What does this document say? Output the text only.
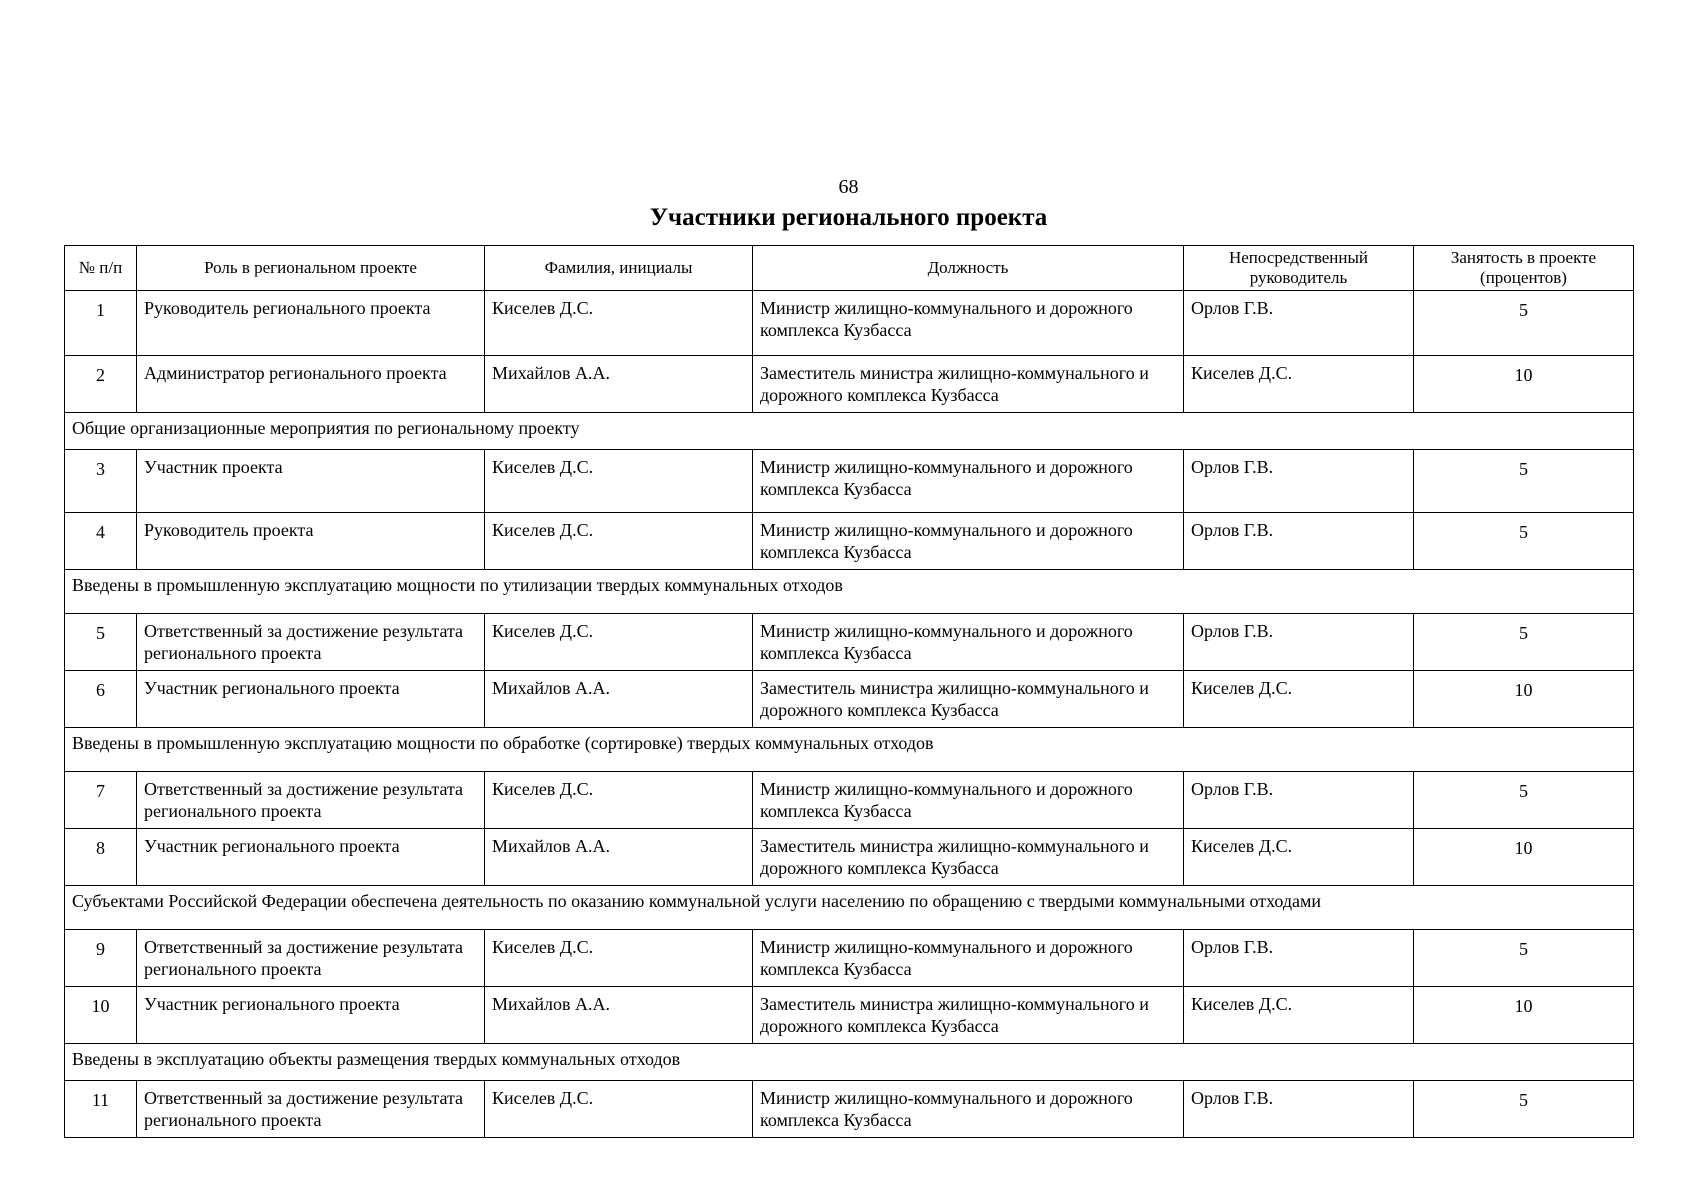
68
Участники регионального проекта
№ п/п	Роль в региональном проекте	Фамилия, инициалы	Должность	Непосредственный руководитель	Занятость в проекте (процентов)
1	Руководитель регионального проекта	Киселев Д.С.	Министр жилищно-коммунального и дорожного комплекса Кузбасса	Орлов Г.В.	5
2	Администратор регионального проекта	Михайлов А.А.	Заместитель министра жилищно-коммунального и дорожного комплекса Кузбасса	Киселев Д.С.	10
Общие организационные мероприятия по региональному проекту					
3	Участник проекта	Киселев Д.С.	Министр жилищно-коммунального и дорожного комплекса Кузбасса	Орлов Г.В.	5
4	Руководитель проекта	Киселев Д.С.	Министр жилищно-коммунального и дорожного комплекса Кузбасса	Орлов Г.В.	5
Введены в промышленную эксплуатацию мощности по утилизации твердых коммунальных отходов					
5	Ответственный за достижение результата регионального проекта	Киселев Д.С.	Министр жилищно-коммунального и дорожного комплекса Кузбасса	Орлов Г.В.	5
6	Участник регионального проекта	Михайлов А.А.	Заместитель министра жилищно-коммунального и дорожного комплекса Кузбасса	Киселев Д.С.	10
Введены в промышленную эксплуатацию мощности по обработке (сортировке) твердых коммунальных отходов					
7	Ответственный за достижение результата регионального проекта	Киселев Д.С.	Министр жилищно-коммунального и дорожного комплекса Кузбасса	Орлов Г.В.	5
8	Участник регионального проекта	Михайлов А.А.	Заместитель министра жилищно-коммунального и дорожного комплекса Кузбасса	Киселев Д.С.	10
Субъектами Российской Федерации обеспечена деятельность по оказанию коммунальной услуги населению по обращению с твердыми коммунальными отходами					
9	Ответственный за достижение результата регионального проекта	Киселев Д.С.	Министр жилищно-коммунального и дорожного комплекса Кузбасса	Орлов Г.В.	5
10	Участник регионального проекта	Михайлов А.А.	Заместитель министра жилищно-коммунального и дорожного комплекса Кузбасса	Киселев Д.С.	10
Введены в эксплуатацию объекты размещения твердых коммунальных отходов					
11	Ответственный за достижение результата регионального проекта	Киселев Д.С.	Министр жилищно-коммунального и дорожного комплекса Кузбасса	Орлов Г.В.	5
